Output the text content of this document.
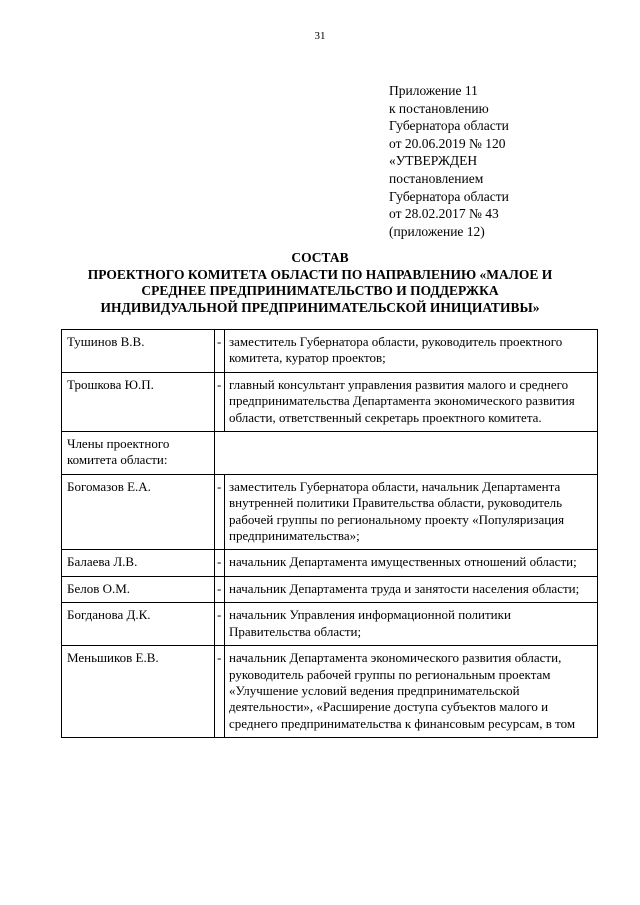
31
Приложение 11
к постановлению
Губернатора области
от 20.06.2019 № 120
«УТВЕРЖДЕН
постановлением
Губернатора области
от 28.02.2017 № 43
(приложение 12)
СОСТАВ
ПРОЕКТНОГО КОМИТЕТА ОБЛАСТИ ПО НАПРАВЛЕНИЮ «МАЛОЕ И
СРЕДНЕЕ ПРЕДПРИНИМАТЕЛЬСТВО И ПОДДЕРЖКА
ИНДИВИДУАЛЬНОЙ ПРЕДПРИНИМАТЕЛЬСКОЙ ИНИЦИАТИВЫ»
Тушинов В.В.	-	заместитель Губернатора области, руководитель проектного комитета, куратор проектов;
Трошкова Ю.П.	-	главный консультант управления развития малого и среднего предпринимательства Департамента экономического развития области, ответственный секретарь проектного комитета.
Члены проектного комитета области:		
Богомазов Е.А.	-	заместитель Губернатора области, начальник Департамента внутренней политики Правительства области, руководитель рабочей группы по региональному проекту «Популяризация предпринимательства»;
Балаева Л.В.	-	начальник Департамента имущественных отношений области;
Белов О.М.	-	начальник Департамента труда и занятости населения области;
Богданова Д.К.	-	начальник Управления информационной политики Правительства области;
Меньшиков Е.В.	-	начальник Департамента экономического развития области, руководитель рабочей группы по региональным проектам «Улучшение условий ведения предпринимательской деятельности», «Расширение доступа субъектов малого и среднего предпринимательства к финансовым ресурсам, в том
